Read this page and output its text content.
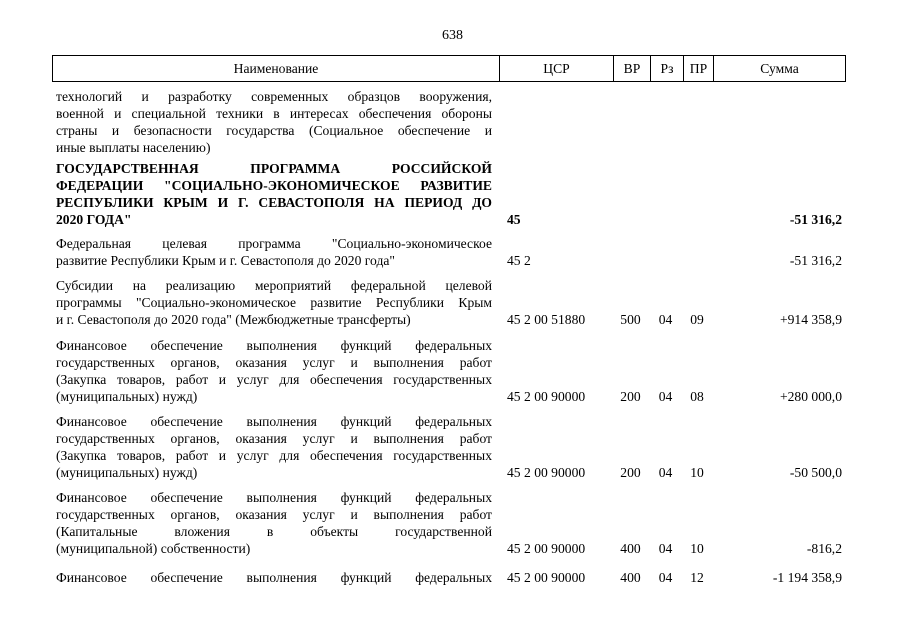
638
Наименование	ЦСР	ВР	Рз	ПР	Сумма
технологий и разработку современных образцов вооружения,
военной и специальной техники в интересах обеспечения обороны
страны и безопасности государства (Социальное обеспечение и
иные выплаты населению)
ГОСУДАРСТВЕННАЯ ПРОГРАММА РОССИЙСКОЙ
ФЕДЕРАЦИИ "СОЦИАЛЬНО-ЭКОНОМИЧЕСКОЕ РАЗВИТИЕ
РЕСПУБЛИКИ КРЫМ И Г. СЕВАСТОПОЛЯ НА ПЕРИОД ДО
2020 ГОДА"	45	-51 316,2
Федеральная целевая программа "Социально-экономическое
развитие Республики Крым и г. Севастополя до 2020 года"	45 2	-51 316,2
Субсидии на реализацию мероприятий федеральной целевой
программы "Социально-экономическое развитие Республики Крым
и г. Севастополя до 2020 года" (Межбюджетные трансферты)	45 2 00 51880	500	04	09	+914 358,9
Финансовое обеспечение выполнения функций федеральных
государственных органов, оказания услуг и выполнения работ
(Закупка товаров, работ и услуг для обеспечения государственных
(муниципальных) нужд)	45 2 00 90000	200	04	08	+280 000,0
Финансовое обеспечение выполнения функций федеральных
государственных органов, оказания услуг и выполнения работ
(Закупка товаров, работ и услуг для обеспечения государственных
(муниципальных) нужд)	45 2 00 90000	200	04	10	-50 500,0
Финансовое обеспечение выполнения функций федеральных
государственных органов, оказания услуг и выполнения работ
(Капитальные вложения в объекты государственной
(муниципальной) собственности)	45 2 00 90000	400	04	10	-816,2
Финансовое обеспечение выполнения функций федеральных 45 2 00 90000	400	04	12	-1 194 358,9
